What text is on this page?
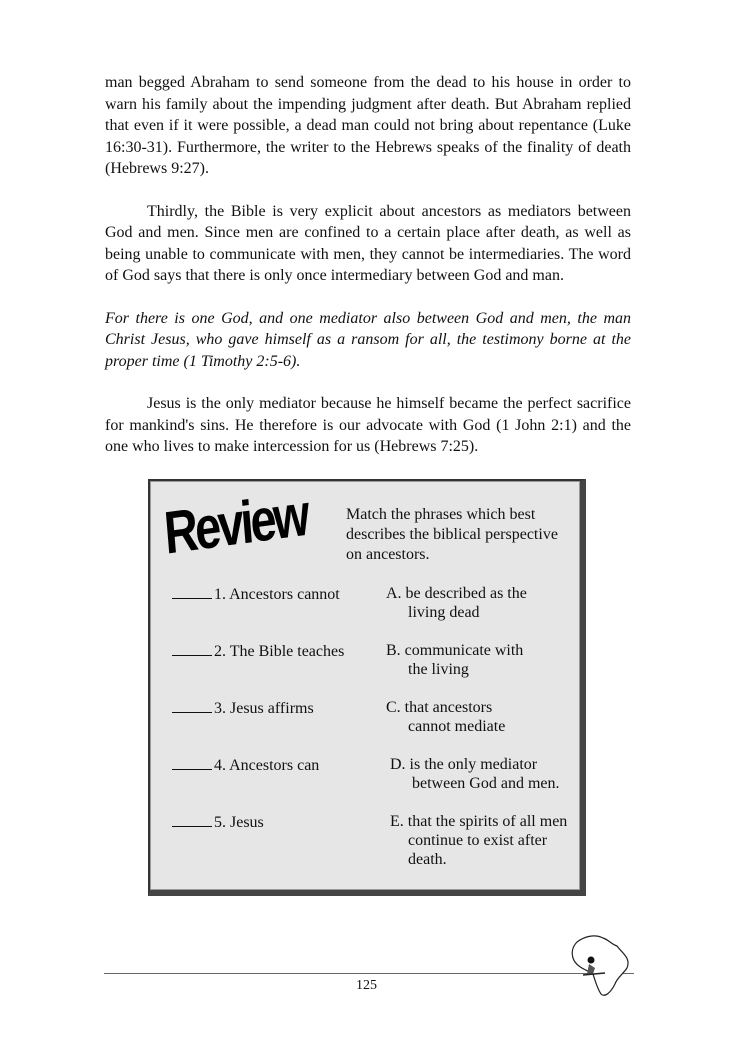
man begged Abraham to send someone from the dead to his house in order to warn his family about the impending judgment after death. But Abraham replied that even if it were possible, a dead man could not bring about repentance (Luke 16:30-31). Furthermore, the writer to the Hebrews speaks of the finality of death (Hebrews 9:27).

Thirdly, the Bible is very explicit about ancestors as mediators between God and men. Since men are confined to a certain place after death, as well as being unable to communicate with men, they cannot be intermediaries. The word of God says that there is only once intermediary between God and man.

For there is one God, and one mediator also between God and men, the man Christ Jesus, who gave himself as a ransom for all, the testimony borne at the proper time (1 Timothy 2:5-6).

Jesus is the only mediator because he himself became the perfect sacrifice for mankind's sins. He therefore is our advocate with God (1 John 2:1) and the one who lives to make intercession for us (Hebrews 7:25).

Review Match the phrases which best describes the biblical perspective on ancestors.
1. Ancestors cannot	A. be described as the
living dead
2. The Bible teaches	B. communicate with
the living
3. Jesus affirms	C. that ancestors
cannot mediate
4. Ancestors can	D. is the only mediator
between God and men.
5. Jesus	E. that the spirits of all men
continue to exist after
death.
125
